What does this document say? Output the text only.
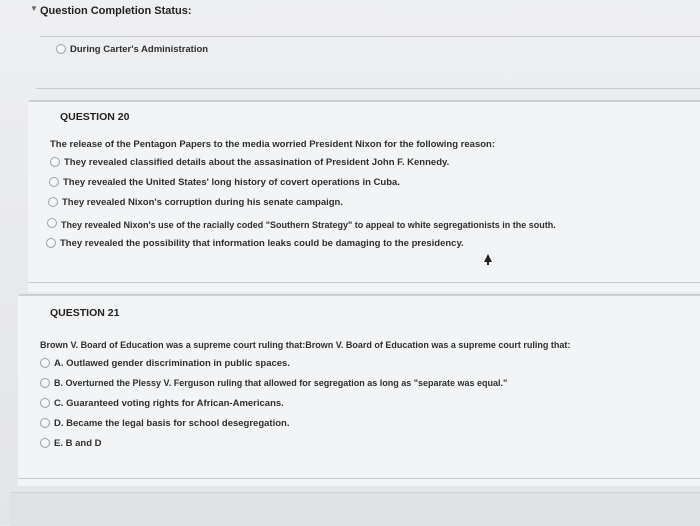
▼ Question Completion Status:
During Carter's Administration
QUESTION 20
The release of the Pentagon Papers to the media worried President Nixon for the following reason:
They revealed classified details about the assasination of President John F. Kennedy.
They revealed the United States' long history of covert operations in Cuba.
They revealed Nixon's corruption during his senate campaign.
They revealed Nixon's use of the racially coded "Southern Strategy" to appeal to white segregationists in the south.
They revealed the possibility that information leaks could be damaging to the presidency.
QUESTION 21
Brown V. Board of Education was a supreme court ruling that:Brown V. Board of Education was a supreme court ruling that:
A. Outlawed gender discrimination in public spaces.
B. Overturned the Plessy V. Ferguson ruling that allowed for segregation as long as "separate was equal."
C. Guaranteed voting rights for African-Americans.
D. Became the legal basis for school desegregation.
E. B and D
